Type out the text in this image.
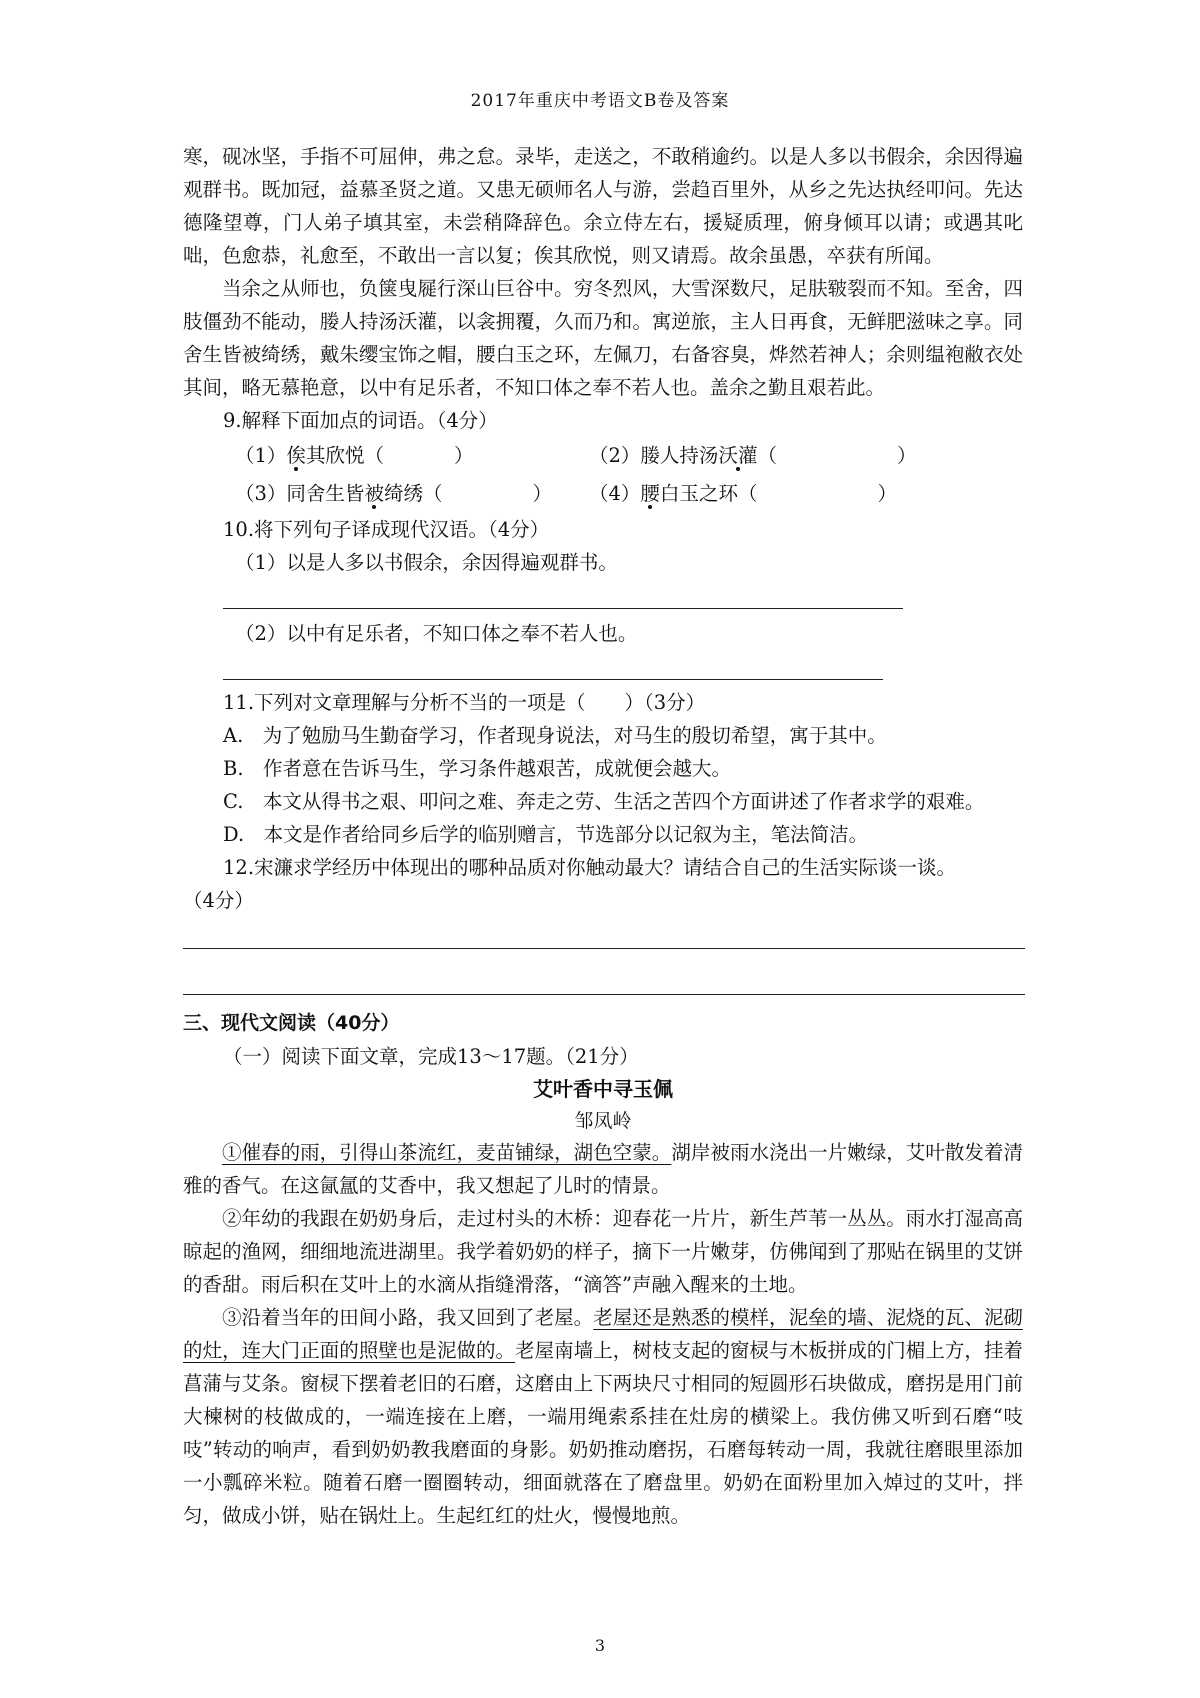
2017年重庆中考语文B卷及答案

寒，砚冰坚，手指不可屈伸，弗之怠。录毕，走送之，不敢稍逾约。以是人多以书假余，余因得遍观群书。既加冠，益慕圣贤之道。又患无硕师名人与游，尝趋百里外，从乡之先达执经叩问。先达德隆望尊，门人弟子填其室，未尝稍降辞色。余立侍左右，援疑质理，俯身倾耳以请；或遇其叱咄，色愈恭，礼愈至，不敢出一言以复；俟其欣悦，则又请焉。故余虽愚，卒获有所闻。

当余之从师也，负箧曳屣行深山巨谷中。穷冬烈风，大雪深数尺，足肤皲裂而不知。至舍，四肢僵劲不能动，媵人持汤沃灌，以衾拥覆，久而乃和。寓逆旅，主人日再食，无鲜肥滋味之享。同舍生皆被绮绣，戴朱缨宝饰之帽，腰白玉之环，左佩刀，右备容臭，烨然若神人；余则缊袍敝衣处其间，略无慕艳意，以中有足乐者，不知口体之奉不若人也。盖余之勤且艰若此。

9.解释下面加点的词语。（4分）

（1）俟其欣悦（	）	（2）媵人持汤沃灌（	）
（3）同舍生皆被绮绣（	）	（4）腰白玉之环（	）

10.将下列句子译成现代汉语。（4分）

（1）以是人多以书假余，余因得遍观群书。

（2）以中有足乐者，不知口体之奉不若人也。

11.下列对文章理解与分析不当的一项是（　　）（3分）

A.　为了勉励马生勤奋学习，作者现身说法，对马生的殷切希望，寓于其中。

B.　作者意在告诉马生，学习条件越艰苦，成就便会越大。

C.　本文从得书之艰、叩问之难、奔走之劳、生活之苦四个方面讲述了作者求学的艰难。

D.　本文是作者给同乡后学的临别赠言，节选部分以记叙为主，笔法简洁。

12.宋濂求学经历中体现出的哪种品质对你触动最大？请结合自己的生活实际谈一谈。

（4分）

三、现代文阅读（40分）

（一）阅读下面文章，完成13～17题。（21分）

艾叶香中寻玉佩

邹凤岭

①催春的雨，引得山茶流红，麦苗铺绿，湖色空蒙。湖岸被雨水浇出一片嫩绿，艾叶散发着清雅的香气。在这氤氲的艾香中，我又想起了儿时的情景。

②年幼的我跟在奶奶身后，走过村头的木桥：迎春花一片片，新生芦苇一丛丛。雨水打湿高高晾起的渔网，细细地流进湖里。我学着奶奶的样子，摘下一片嫩芽，仿佛闻到了那贴在锅里的艾饼的香甜。雨后积在艾叶上的水滴从指缝滑落，“滴答”声融入醒来的土地。

③沿着当年的田间小路，我又回到了老屋。老屋还是熟悉的模样，泥垒的墙、泥烧的瓦、泥砌的灶，连大门正面的照壁也是泥做的。老屋南墙上，树枝支起的窗棂与木板拼成的门楣上方，挂着菖蒲与艾条。窗棂下摆着老旧的石磨，这磨由上下两块尺寸相同的短圆形石块做成，磨拐是用门前大楝树的枝做成的，一端连接在上磨，一端用绳索系挂在灶房的横梁上。我仿佛又听到石磨“吱吱”转动的响声，看到奶奶教我磨面的身影。奶奶推动磨拐，石磨每转动一周，我就往磨眼里添加一小瓢碎米粒。随着石磨一圈圈转动，细面就落在了磨盘里。奶奶在面粉里加入焯过的艾叶，拌匀，做成小饼，贴在锅灶上。生起红红的灶火，慢慢地煎。

3
